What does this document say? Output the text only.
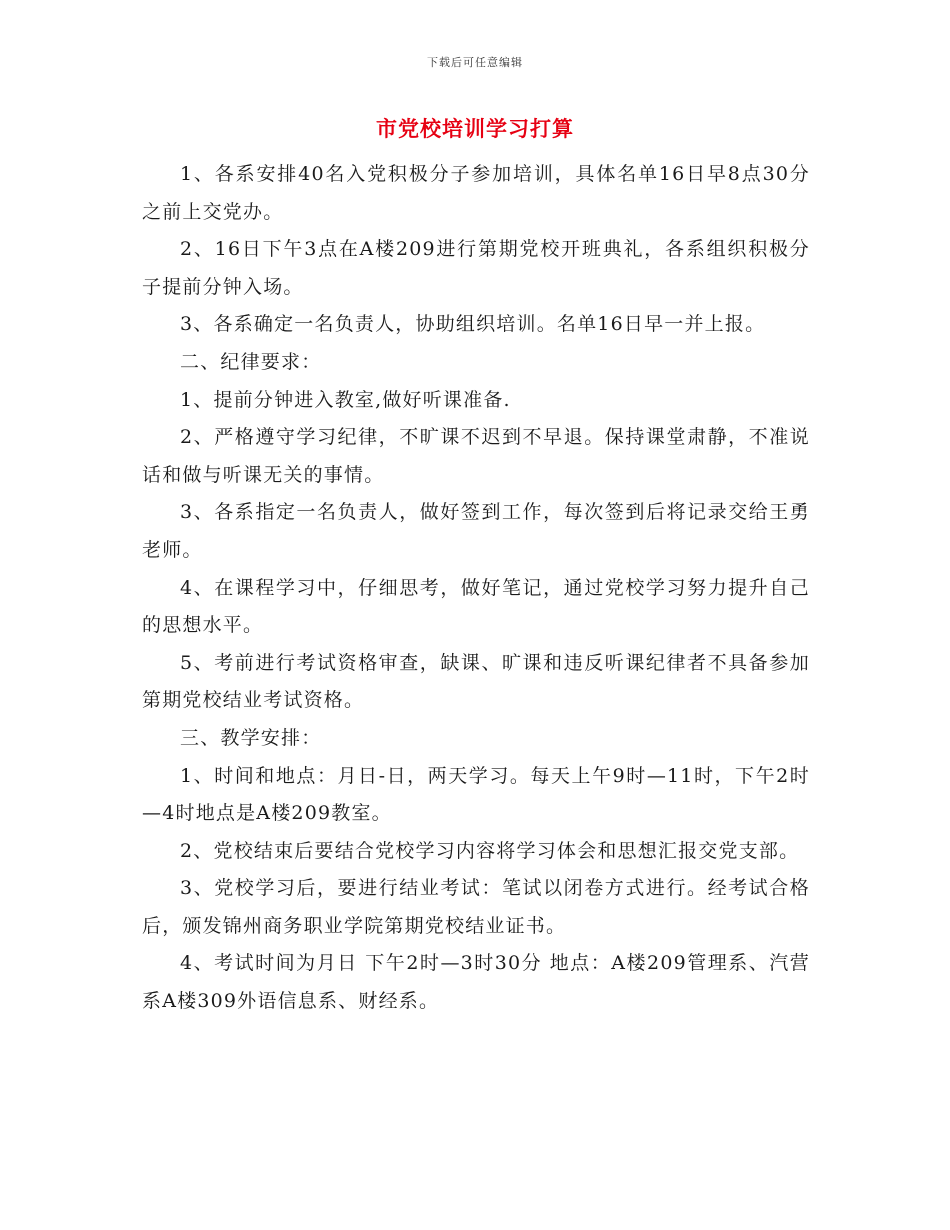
下载后可任意编辑
市党校培训学习打算

1、各系安排40名入党积极分子参加培训，具体名单16日早8点30分之前上交党办。

2、16日下午3点在A楼209进行第期党校开班典礼，各系组织积极分子提前分钟入场。

3、各系确定一名负责人，协助组织培训。名单16日早一并上报。

二、纪律要求：

1、提前分钟进入教室,做好听课准备.

2、严格遵守学习纪律，不旷课不迟到不早退。保持课堂肃静，不准说话和做与听课无关的事情。

3、各系指定一名负责人，做好签到工作，每次签到后将记录交给王勇老师。

4、在课程学习中，仔细思考，做好笔记，通过党校学习努力提升自己的思想水平。

5、考前进行考试资格审查，缺课、旷课和违反听课纪律者不具备参加第期党校结业考试资格。

三、教学安排：

1、时间和地点：月日-日，两天学习。每天上午9时—11时，下午2时—4时地点是A楼209教室。

2、党校结束后要结合党校学习内容将学习体会和思想汇报交党支部。

3、党校学习后，要进行结业考试：笔试以闭卷方式进行。经考试合格后，颁发锦州商务职业学院第期党校结业证书。

4、考试时间为月日 下午2时—3时30分 地点：A楼209管理系、汽营系A楼309外语信息系、财经系。
